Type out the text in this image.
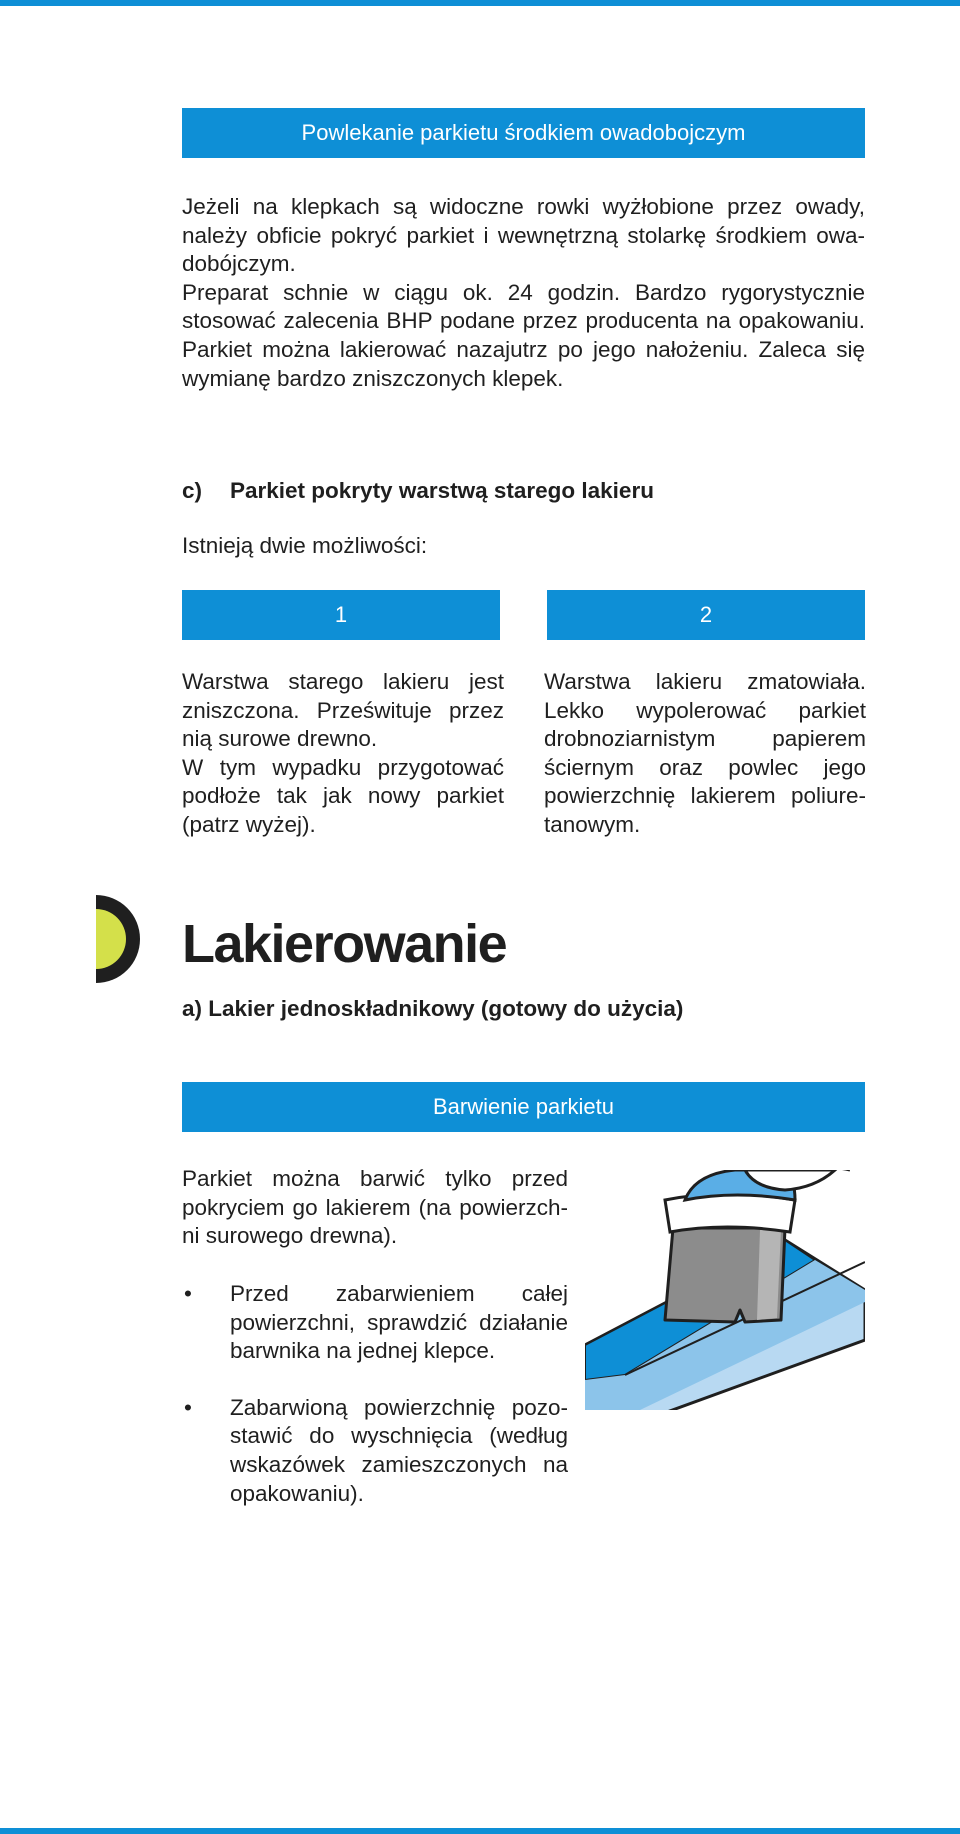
Powlekanie parkietu środkiem owadobojczym

Jeżeli na klepkach są widoczne rowki wyżłobione przez owady, należy obficie pokryć parkiet i wewnętrzną stolarkę środkiem owa-dobójczym.

Preparat schnie w ciągu ok. 24 godzin. Bardzo rygorystycznie stosować zalecenia BHP podane przez producenta na opakowaniu. Parkiet można lakierować nazajutrz po jego nałożeniu. Zaleca się wymianę bardzo zniszczonych klepek.

c) Parkiet pokryty warstwą starego lakieru
Istnieją dwie możliwości:
1	2

Warstwa starego lakieru jest zniszczona. Prześwituje przez nią surowe drewno.

W tym wypadku przygotować podłoże tak jak nowy parkiet (patrz wyżej).

Warstwa lakieru zmatowiała. Lekko wypolerować parkiet drobnoziarnistym papierem ściernym oraz powlec jego powierzchnię lakierem poliure-tanowym.

Lakierowanie
a) Lakier jednoskładnikowy (gotowy do użycia)
Barwienie parkietu

Parkiet można barwić tylko przed pokryciem go lakierem (na powierzch-ni surowego drewna).

• Przed zabarwieniem całej powierzchni, sprawdzić działanie barwnika na jednej klepce.
• Zabarwioną powierzchnię pozo-stawić do wyschnięcia (według wskazówek zamieszczonych na opakowaniu).
